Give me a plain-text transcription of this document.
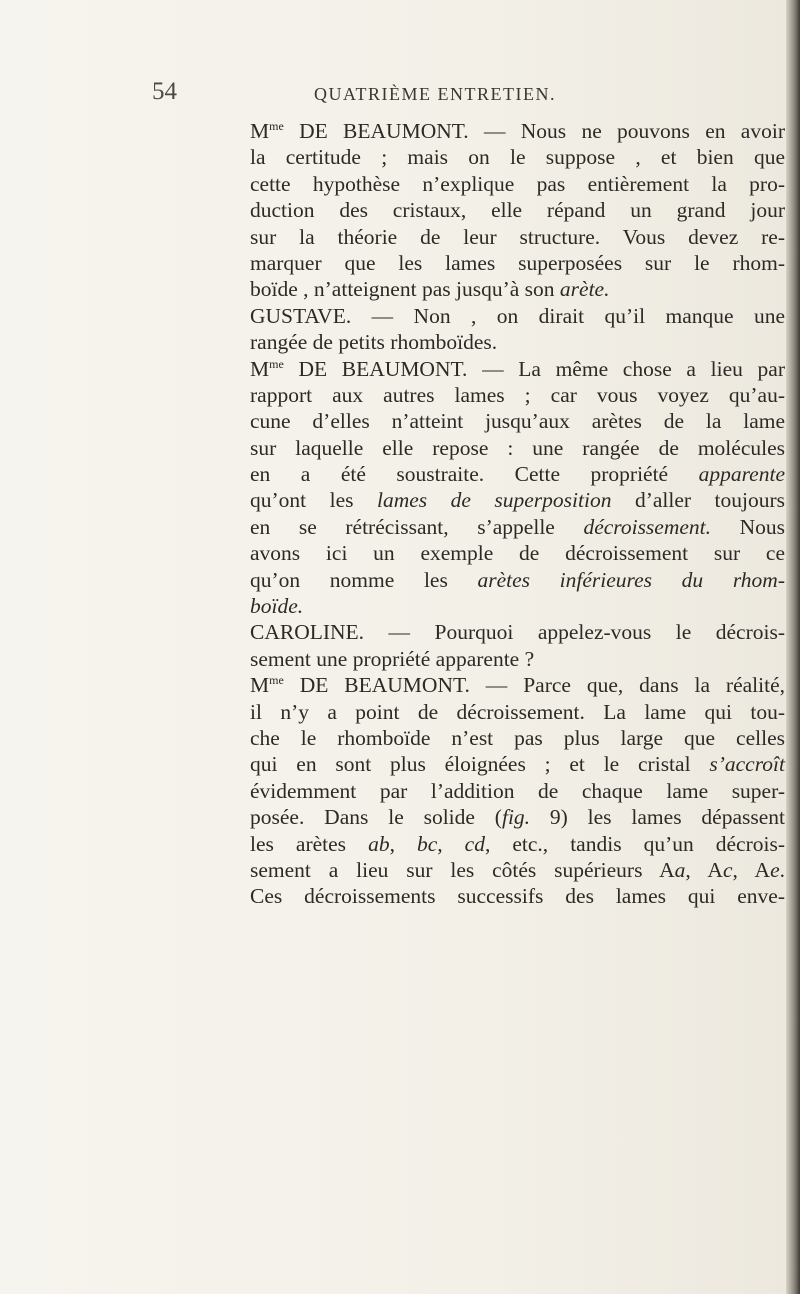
54	QUATRIÈME ENTRETIEN.
$M^{me}$ DE BEAUMONT. — Nous ne pouvons en avoir
la certitude ; mais on le suppose , et bien que
cette hypothèse n’explique pas entièrement la pro-
duction des cristaux, elle répand un grand jour
sur la théorie de leur structure. Vous devez re-
marquer que les lames superposées sur le rhom-
boïde , n’atteignent pas jusqu’à son arète.
GUSTAVE. — Non , on dirait qu’il manque une
rangée de petits rhomboïdes.
$M^{me}$ DE BEAUMONT. — La même chose a lieu par
rapport aux autres lames ; car vous voyez qu’au-
cune d’elles n’atteint jusqu’aux arètes de la lame
sur laquelle elle repose : une rangée de molécules
en a été soustraite. Cette propriété apparente
qu’ont les lames de superposition d’aller toujours
en se rétrécissant, s’appelle décroissement. Nous
avons ici un exemple de décroissement sur ce
qu’on nomme les arètes inférieures du rhom-
boïde.
CAROLINE. — Pourquoi appelez-vous le décrois-
sement une propriété apparente ?
$M^{me}$ DE BEAUMONT. — Parce que, dans la réalité,
il n’y a point de décroissement. La lame qui tou-
che le rhomboïde n’est pas plus large que celles
qui en sont plus éloignées ; et le cristal s’accroît
évidemment par l’addition de chaque lame super-
posée. Dans le solide (fig. 9) les lames dépassent
les arètes ab, bc, cd, etc., tandis qu’un décrois-
sement a lieu sur les côtés supérieurs Aa, Ac, Ae.
Ces décroissements successifs des lames qui enve-
